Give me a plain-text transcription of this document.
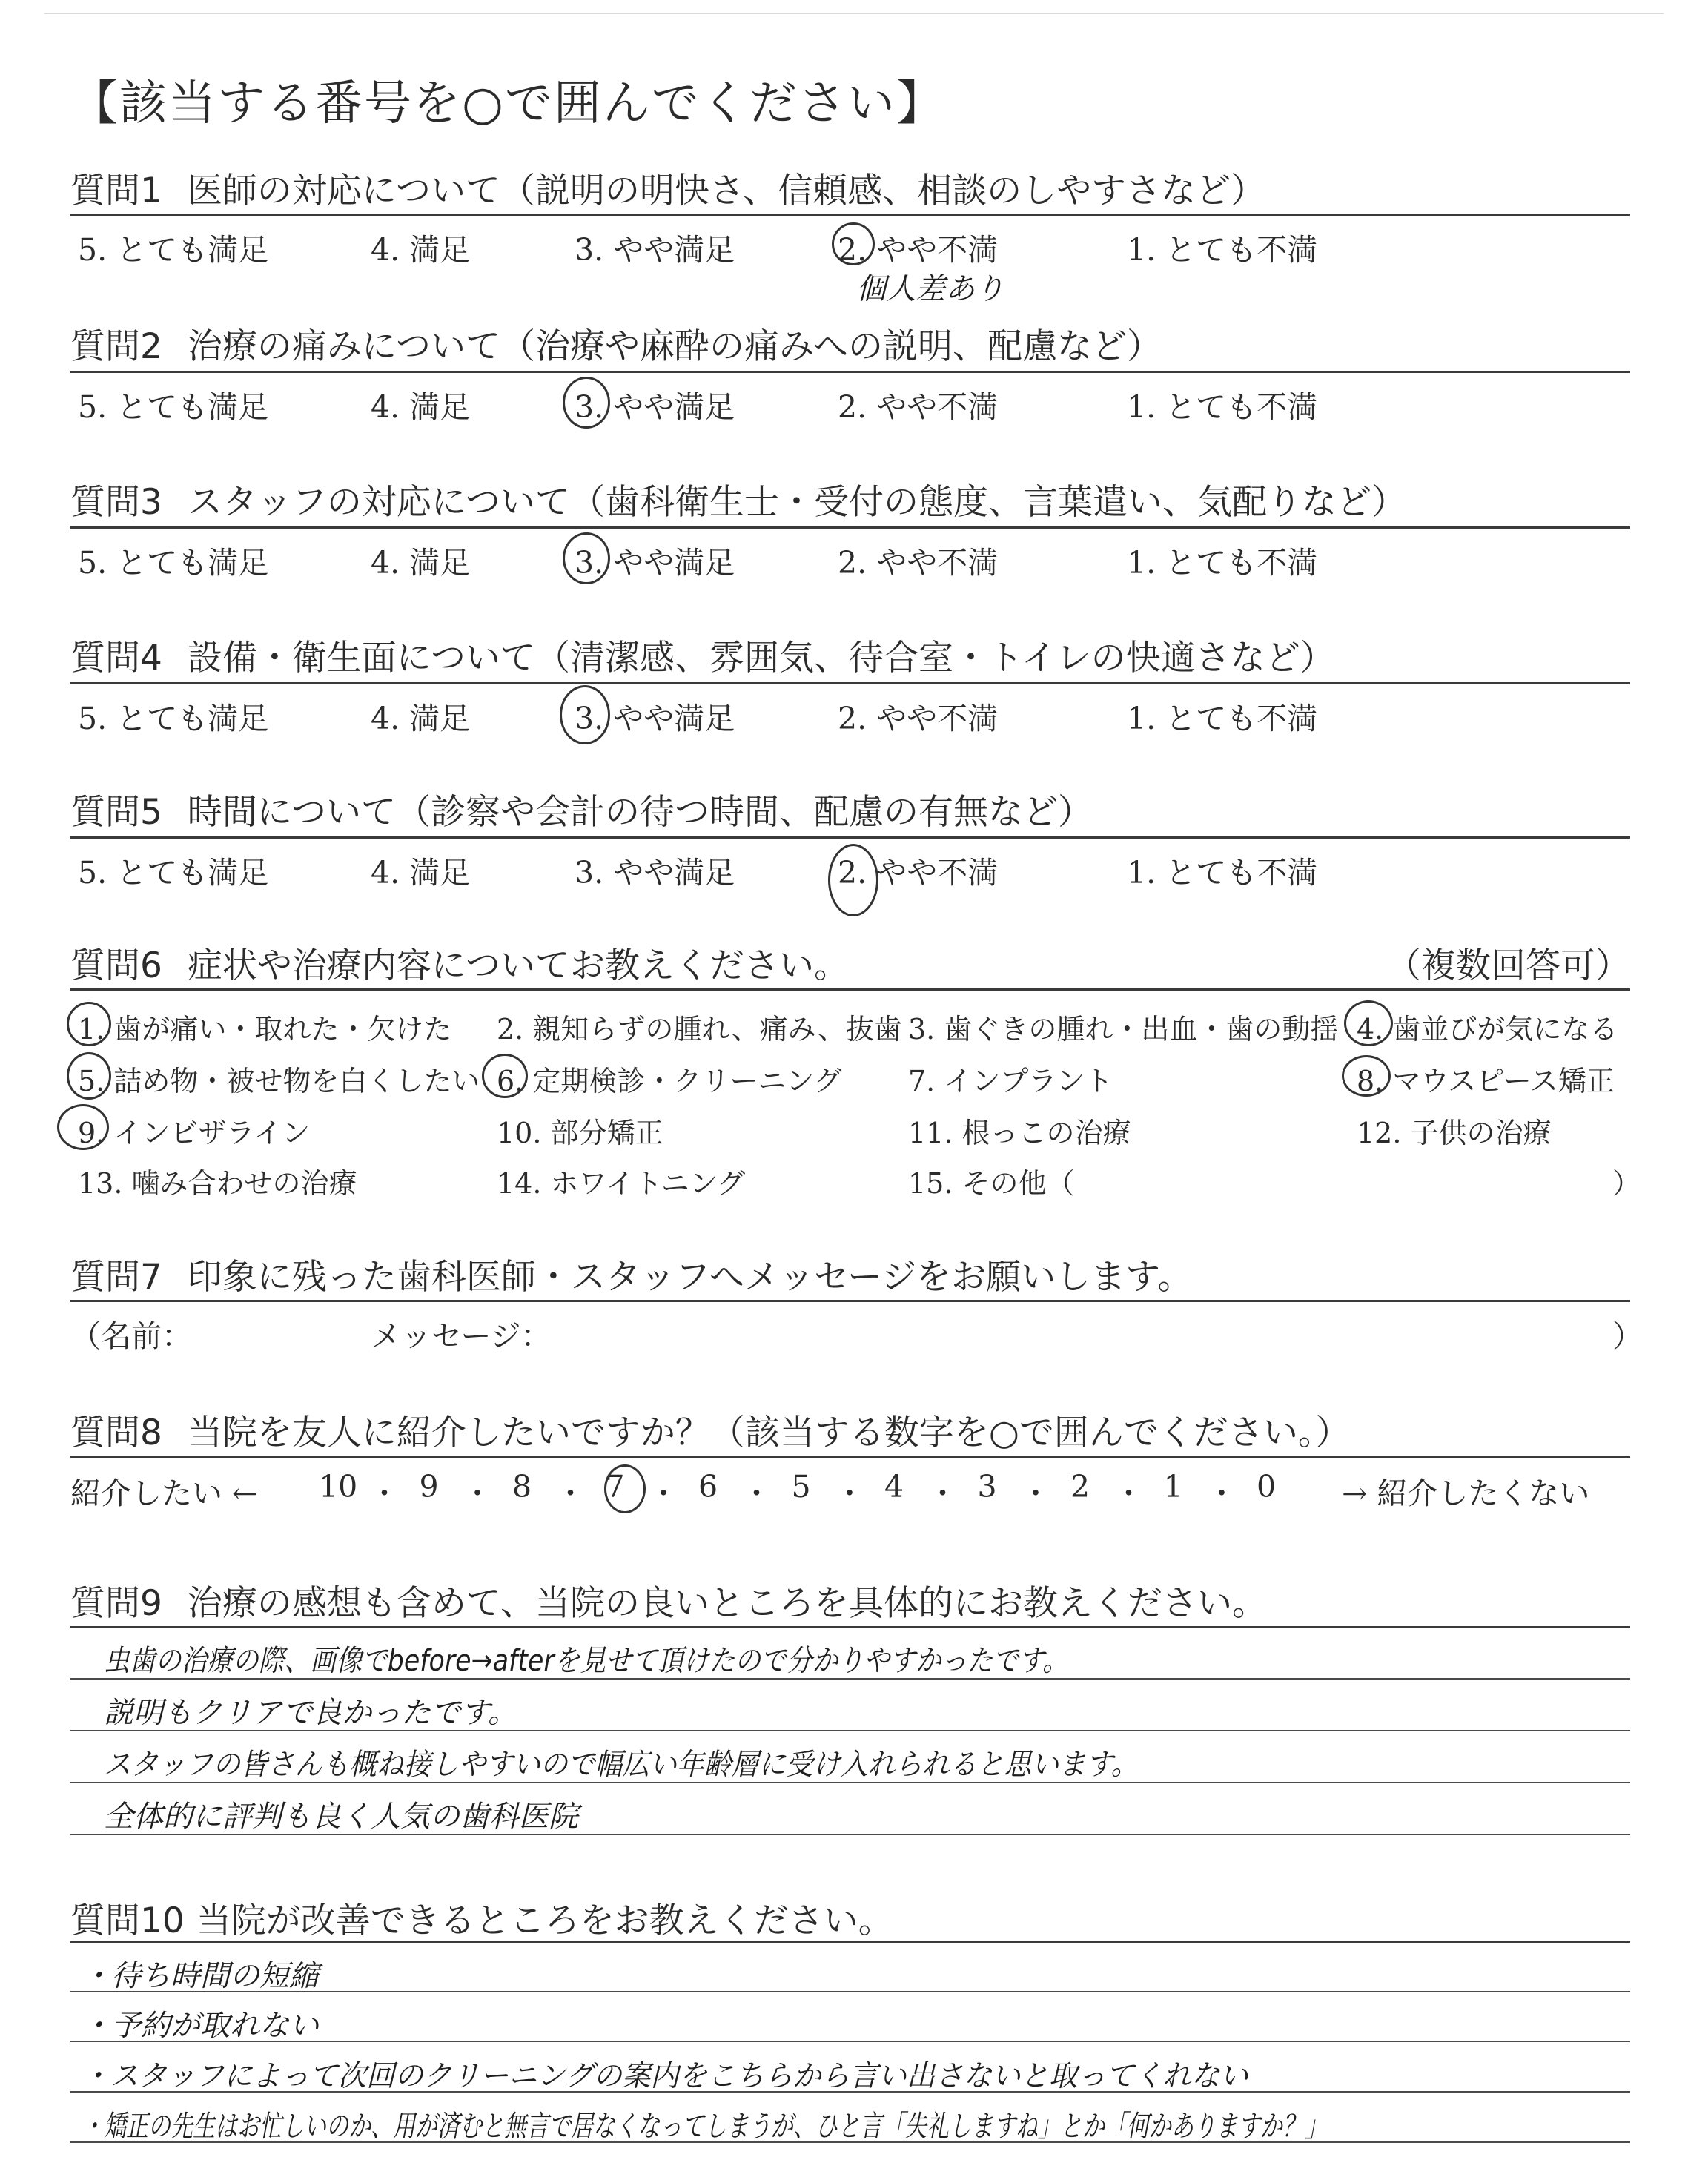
【該当する番号を○で囲んでください】
質問1 医師の対応について（説明の明快さ、信頼感、相談のしやすさなど）
5. とても満足	4. 満足	3. やや満足	2. やや不満	1. とても不満
個人差あり
質問2 治療の痛みについて（治療や麻酔の痛みへの説明、配慮など）
5. とても満足	4. 満足	3. やや満足	2. やや不満	1. とても不満
質問3 スタッフの対応について（歯科衛生士・受付の態度、言葉遣い、気配りなど）
5. とても満足	4. 満足	3. やや満足	2. やや不満	1. とても不満
質問4 設備・衛生面について（清潔感、雰囲気、待合室・トイレの快適さなど）
5. とても満足	4. 満足	3. やや満足	2. やや不満	1. とても不満
質問5 時間について（診察や会計の待つ時間、配慮の有無など）
5. とても満足	4. 満足	3. やや満足	2. やや不満	1. とても不満
質問6 症状や治療内容についてお教えください。	（複数回答可）
1. 歯が痛い・取れた・欠けた 2. 親知らずの腫れ、痛み、抜歯 3. 歯ぐきの腫れ・出血・歯の動揺 4. 歯並びが気になる
5. 詰め物・被せ物を白くしたい 6. 定期検診・クリーニング 7. インプラント	8. マウスピース矯正
9. インビザライン	10. 部分矯正	11. 根っこの治療	12. 子供の治療
13. 噛み合わせの治療	14. ホワイトニング	15. その他（	）
質問7 印象に残った歯科医師・スタッフへメッセージをお願いします。
（名前：	メッセージ：	）
質問8 当院を友人に紹介したいですか？（該当する数字を○で囲んでください。）
紹介したい ←	→ 紹介したくない
10 ・ 9 ・ 8 ・ 7 ・ 6 ・ 5 ・ 4 ・ 3 ・ 2 ・ 1 ・ 0
質問9 治療の感想も含めて、当院の良いところを具体的にお教えください。
虫歯の治療の際、画像でbefore→afterを見せて頂けたので分かりやすかったです。
説明もクリアで良かったです。
スタッフの皆さんも概ね接しやすいので幅広い年齢層に受け入れられると思います。
全体的に評判も良く人気の歯科医院
質問10 当院が改善できるところをお教えください。
・待ち時間の短縮
・予約が取れない
・スタッフによって次回のクリーニングの案内をこちらから言い出さないと取ってくれない
・矯正の先生はお忙しいのか、用が済むと無言で居なくなってしまうが、ひと言「失礼しますね」とか「何かありますか？」
